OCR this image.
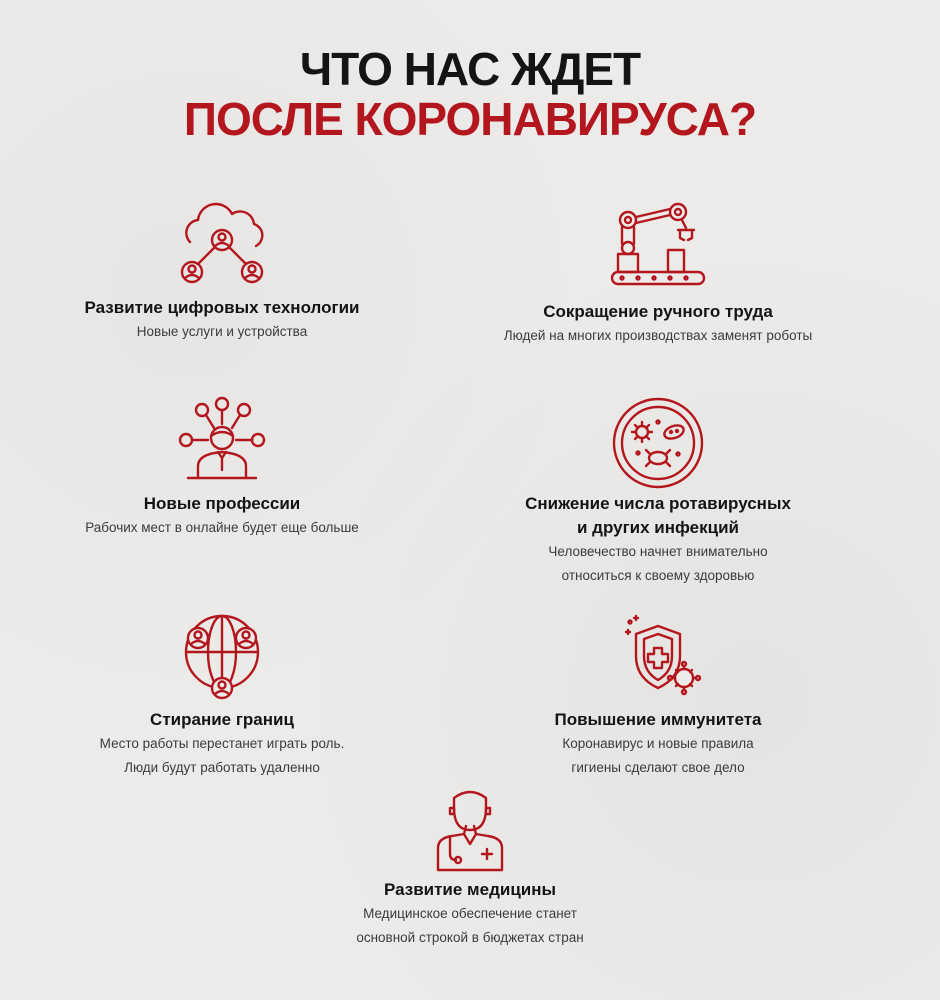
ЧТО НАС ЖДЕТ
ПОСЛЕ КОРОНАВИРУСА?
Развитие цифровых технологии

Новые услуги и устройства

Сокращение ручного труда

Людей на многих производствах заменят роботы

Новые профессии

Рабочих мест в онлайне будет еще больше

Снижение числа ротавирусных
и других инфекций

Человечество начнет внимательно

относиться к своему здоровью

Стирание границ

Место работы перестанет играть роль.

Люди будут работать удаленно

Повышение иммунитета

Коронавирус и новые правила

гигиены сделают свое дело

Развитие медицины

Медицинское обеспечение станет

основной строкой в бюджетах стран
